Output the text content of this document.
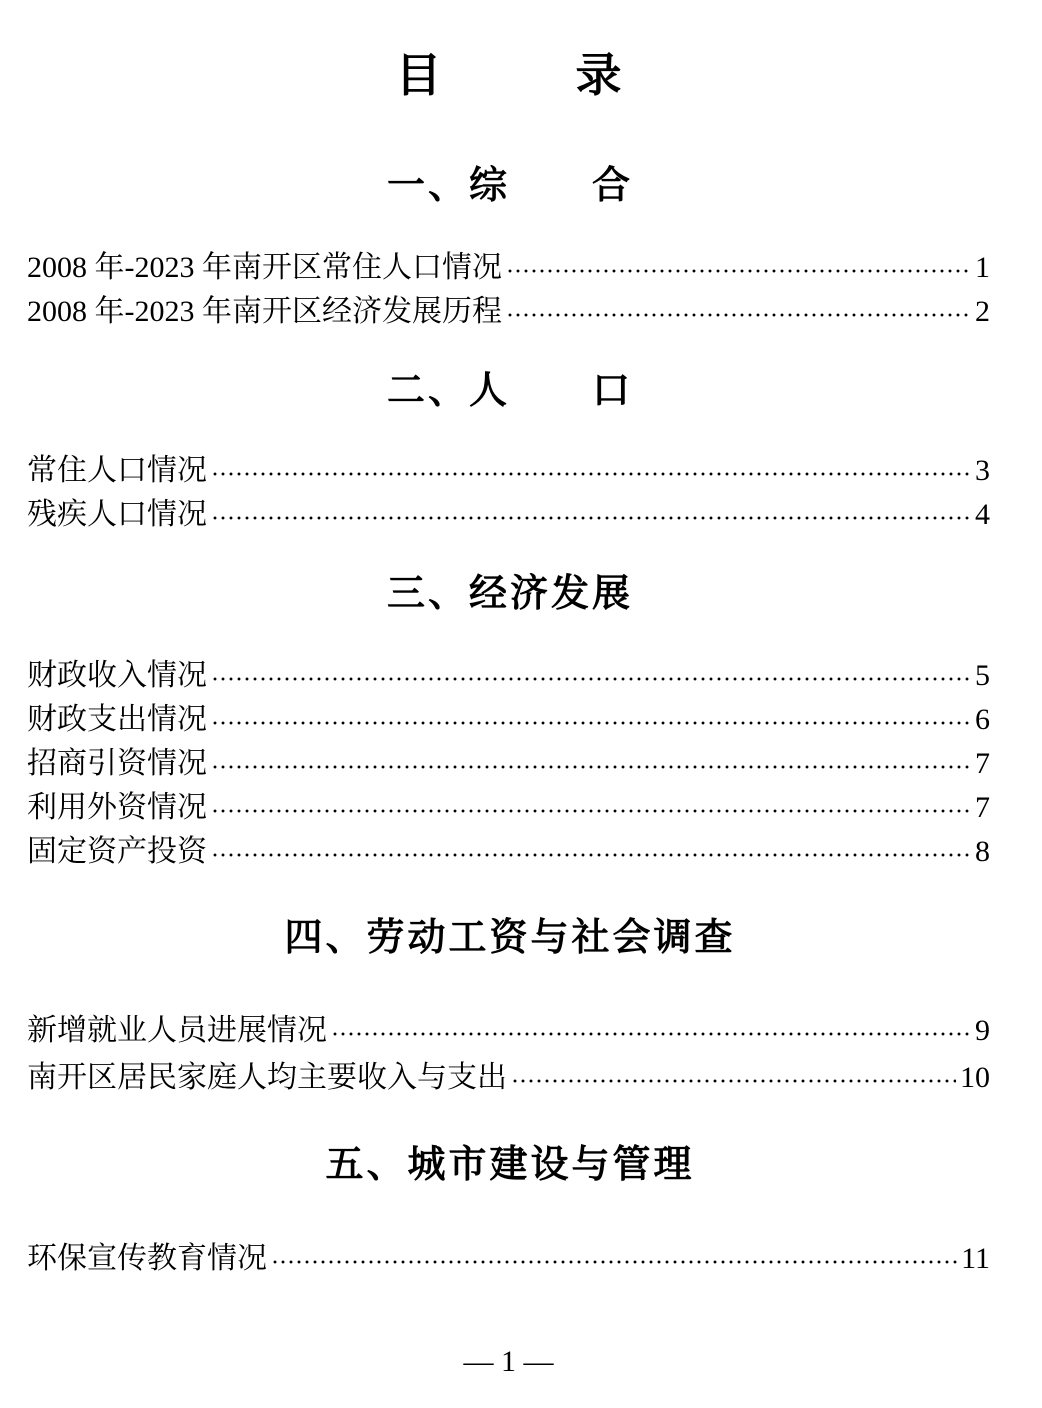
目　　录
一、综　　合
2008 年-2023 年南开区常住人口情况	1
2008 年-2023 年南开区经济发展历程	2
二、人　　口
常住人口情况	3
残疾人口情况	4
三、经济发展
财政收入情况	5
财政支出情况	6
招商引资情况	7
利用外资情况	7
固定资产投资	8
四、劳动工资与社会调查
新增就业人员进展情况	9
南开区居民家庭人均主要收入与支出	10
五、城市建设与管理
环保宣传教育情况	11
— 1 —
